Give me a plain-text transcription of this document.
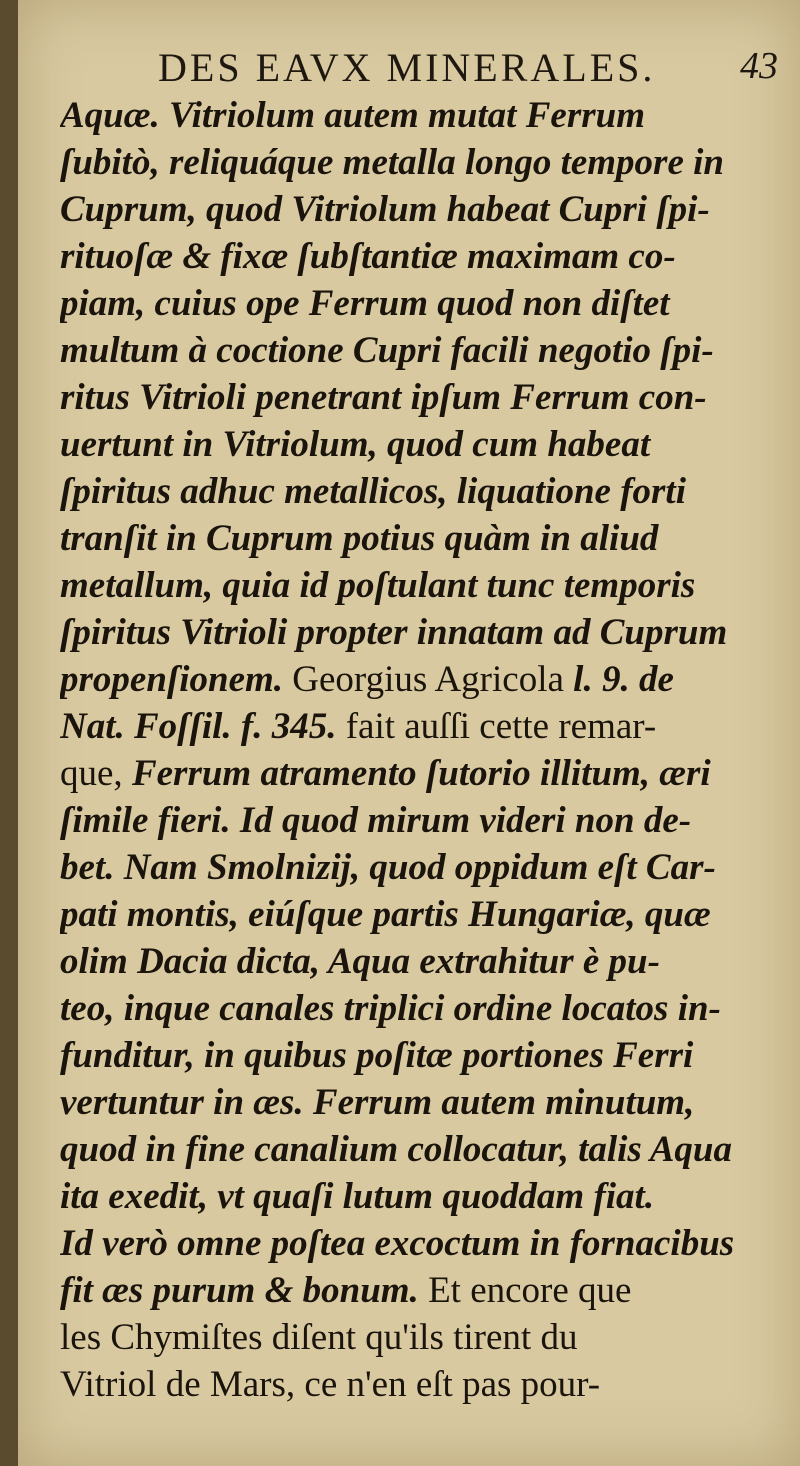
DES EAVX MINERALES. 43
Aquæ. Vitriolum autem mutat Ferrum
ſubitò, reliquáque metalla longo tempore in
Cuprum, quod Vitriolum habeat Cupri ſpi-
rituoſæ & fixæ ſubſtantiæ maximam co-
piam, cuius ope Ferrum quod non diſtet
multum à coctione Cupri facili negotio ſpi-
ritus Vitrioli penetrant ipſum Ferrum con-
uertunt in Vitriolum, quod cum habeat
ſpiritus adhuc metallicos, liquatione forti
tranſit in Cuprum potius quàm in aliud
metallum, quia id poſtulant tunc temporis
ſpiritus Vitrioli propter innatam ad Cuprum
propenſionem. Georgius Agricola l. 9. de
Nat. Foſſil. f. 345. fait auſſi cette remar-
que, Ferrum atramento ſutorio illitum, æri
ſimile fieri. Id quod mirum videri non de-
bet. Nam Smolnizij, quod oppidum eſt Car-
pati montis, eiúſque partis Hungariæ, quæ
olim Dacia dicta, Aqua extrahitur è pu-
teo, inque canales triplici ordine locatos in-
funditur, in quibus poſitæ portiones Ferri
vertuntur in æs. Ferrum autem minutum,
quod in fine canalium collocatur, talis Aqua
ita exedit, vt quaſi lutum quoddam fiat.
Id verò omne poſtea excoctum in fornacibus
fit æs purum & bonum. Et encore que
les Chymiſtes diſent qu'ils tirent du
Vitriol de Mars, ce n'en eſt pas pour-
